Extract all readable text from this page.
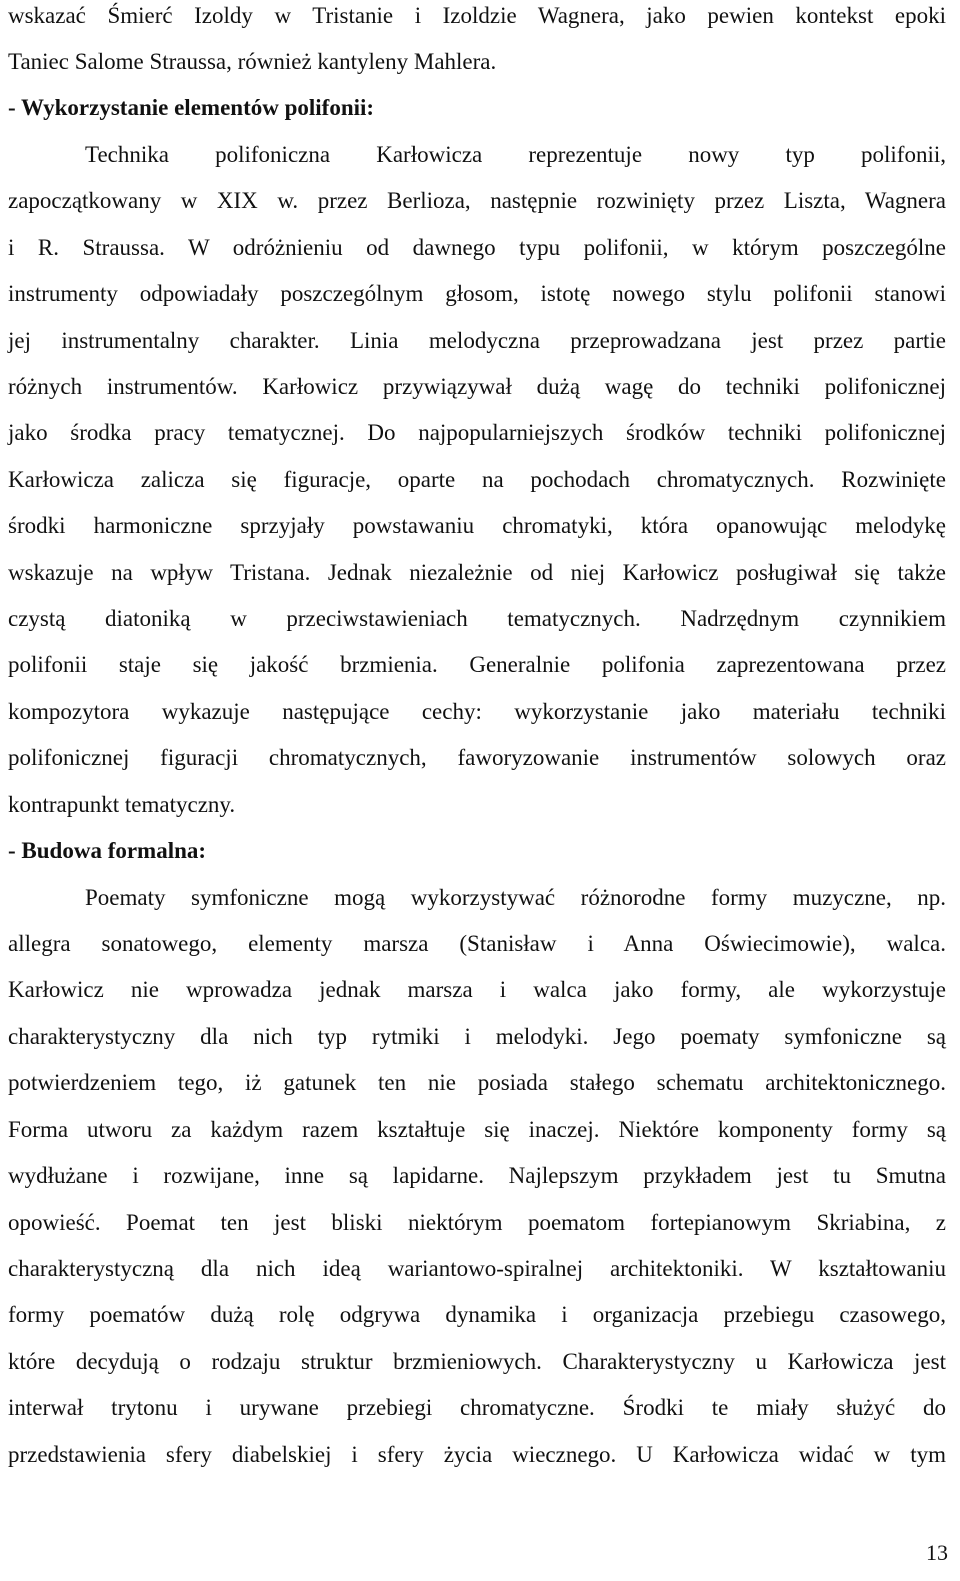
wskazać Śmierć Izoldy w Tristanie i Izoldzie Wagnera, jako pewien kontekst epoki
Taniec Salome Straussa, również kantyleny Mahlera.
- Wykorzystanie elementów polifonii:
Technika polifoniczna Karłowicza reprezentuje nowy typ polifonii,
zapoczątkowany w XIX w. przez Berlioza, następnie rozwinięty przez Liszta, Wagnera
i R. Straussa. W odróżnieniu od dawnego typu polifonii, w którym poszczególne
instrumenty odpowiadały poszczególnym głosom, istotę nowego stylu polifonii stanowi
jej instrumentalny charakter. Linia melodyczna przeprowadzana jest przez partie
różnych instrumentów. Karłowicz przywiązywał dużą wagę do techniki polifonicznej
jako środka pracy tematycznej. Do najpopularniejszych środków techniki polifonicznej
Karłowicza zalicza się figuracje, oparte na pochodach chromatycznych. Rozwinięte
środki harmoniczne sprzyjały powstawaniu chromatyki, która opanowując melodykę
wskazuje na wpływ Tristana. Jednak niezależnie od niej Karłowicz posługiwał się także
czystą diatoniką w przeciwstawieniach tematycznych. Nadrzędnym czynnikiem
polifonii staje się jakość brzmienia. Generalnie polifonia zaprezentowana przez
kompozytora wykazuje następujące cechy: wykorzystanie jako materiału techniki
polifonicznej figuracji chromatycznych, faworyzowanie instrumentów solowych oraz
kontrapunkt tematyczny.
- Budowa formalna:
Poematy symfoniczne mogą wykorzystywać różnorodne formy muzyczne, np.
allegra sonatowego, elementy marsza (Stanisław i Anna Oświecimowie), walca.
Karłowicz nie wprowadza jednak marsza i walca jako formy, ale wykorzystuje
charakterystyczny dla nich typ rytmiki i melodyki. Jego poematy symfoniczne są
potwierdzeniem tego, iż gatunek ten nie posiada stałego schematu architektonicznego.
Forma utworu za każdym razem kształtuje się inaczej. Niektóre komponenty formy są
wydłużane i rozwijane, inne są lapidarne. Najlepszym przykładem jest tu Smutna
opowieść. Poemat ten jest bliski niektórym poematom fortepianowym Skriabina, z
charakterystyczną dla nich ideą wariantowo-spiralnej architektoniki. W kształtowaniu
formy poematów dużą rolę odgrywa dynamika i organizacja przebiegu czasowego,
które decydują o rodzaju struktur brzmieniowych. Charakterystyczny u Karłowicza jest
interwał trytonu i urywane przebiegi chromatyczne. Środki te miały służyć do
przedstawienia sfery diabelskiej i sfery życia wiecznego. U Karłowicza widać w tym
13
